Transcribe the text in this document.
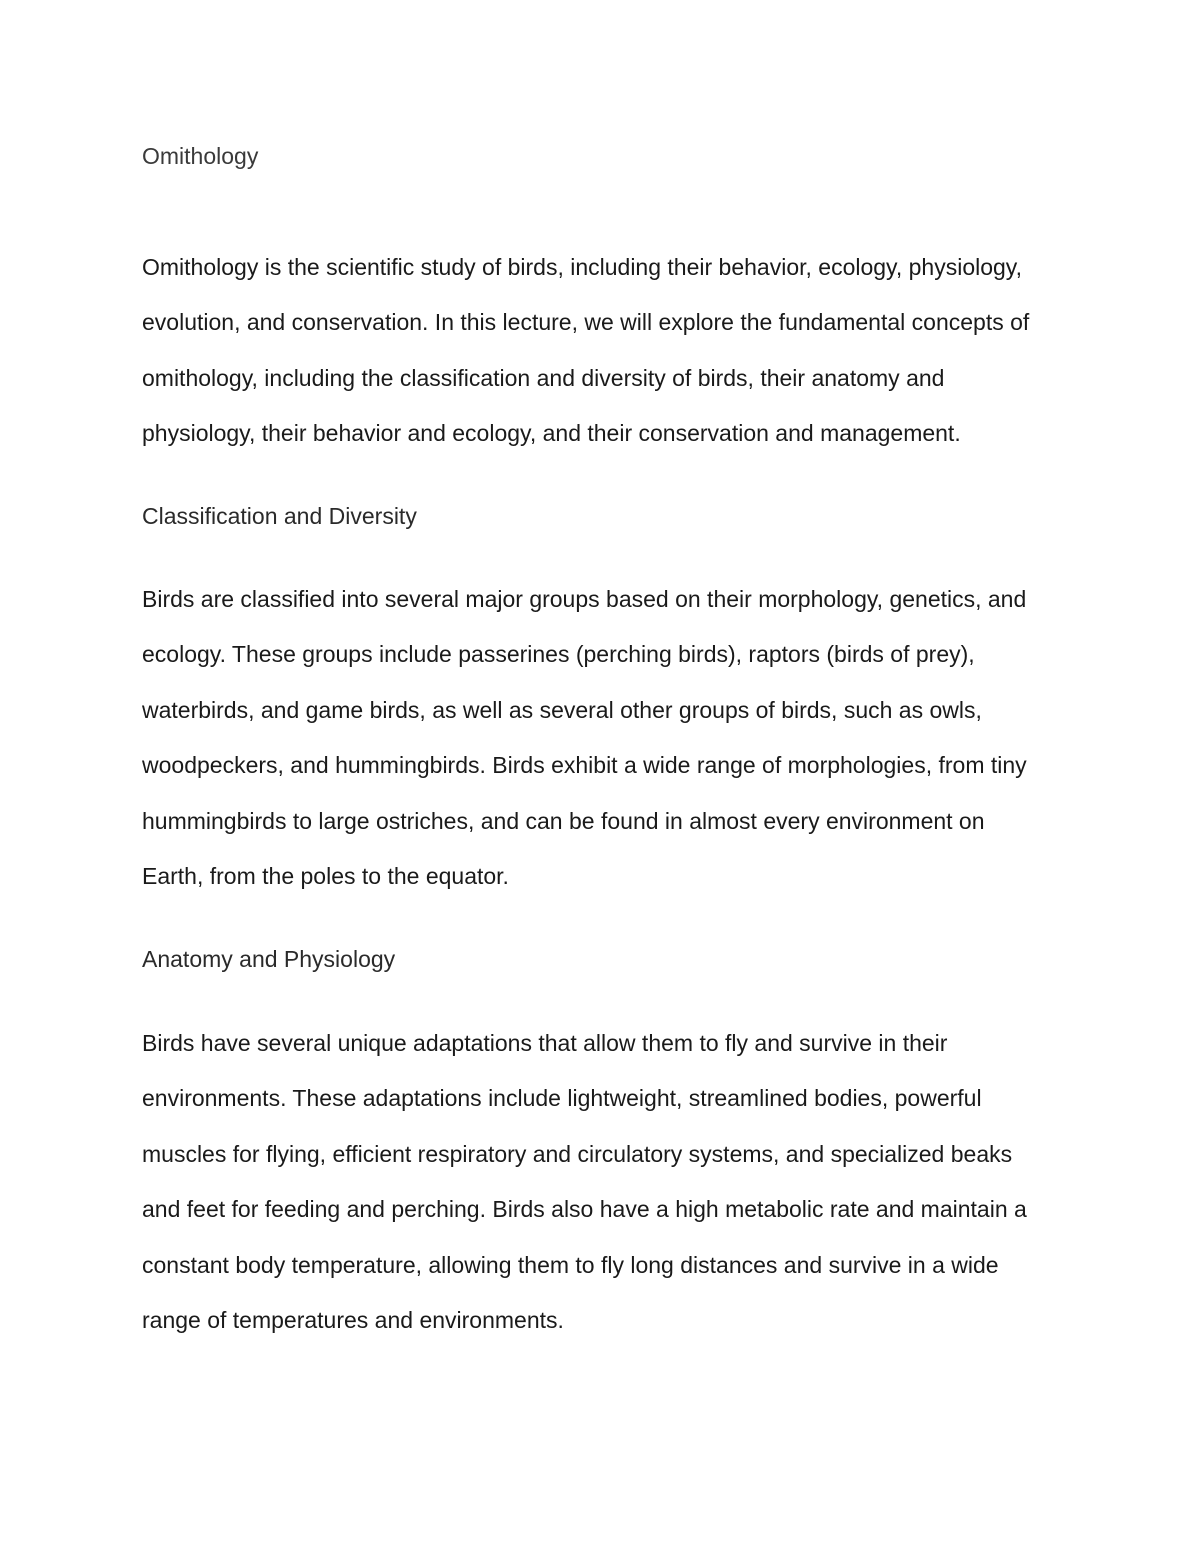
Omithology
Omithology is the scientific study of birds, including their behavior, ecology, physiology,
evolution, and conservation. In this lecture, we will explore the fundamental concepts of
omithology, including the classification and diversity of birds, their anatomy and
physiology, their behavior and ecology, and their conservation and management.
Classification and Diversity
Birds are classified into several major groups based on their morphology, genetics, and
ecology. These groups include passerines (perching birds), raptors (birds of prey),
waterbirds, and game birds, as well as several other groups of birds, such as owls,
woodpeckers, and hummingbirds. Birds exhibit a wide range of morphologies, from tiny
hummingbirds to large ostriches, and can be found in almost every environment on
Earth, from the poles to the equator.
Anatomy and Physiology
Birds have several unique adaptations that allow them to fly and survive in their
environments. These adaptations include lightweight, streamlined bodies, powerful
muscles for flying, efficient respiratory and circulatory systems, and specialized beaks
and feet for feeding and perching. Birds also have a high metabolic rate and maintain a
constant body temperature, allowing them to fly long distances and survive in a wide
range of temperatures and environments.
